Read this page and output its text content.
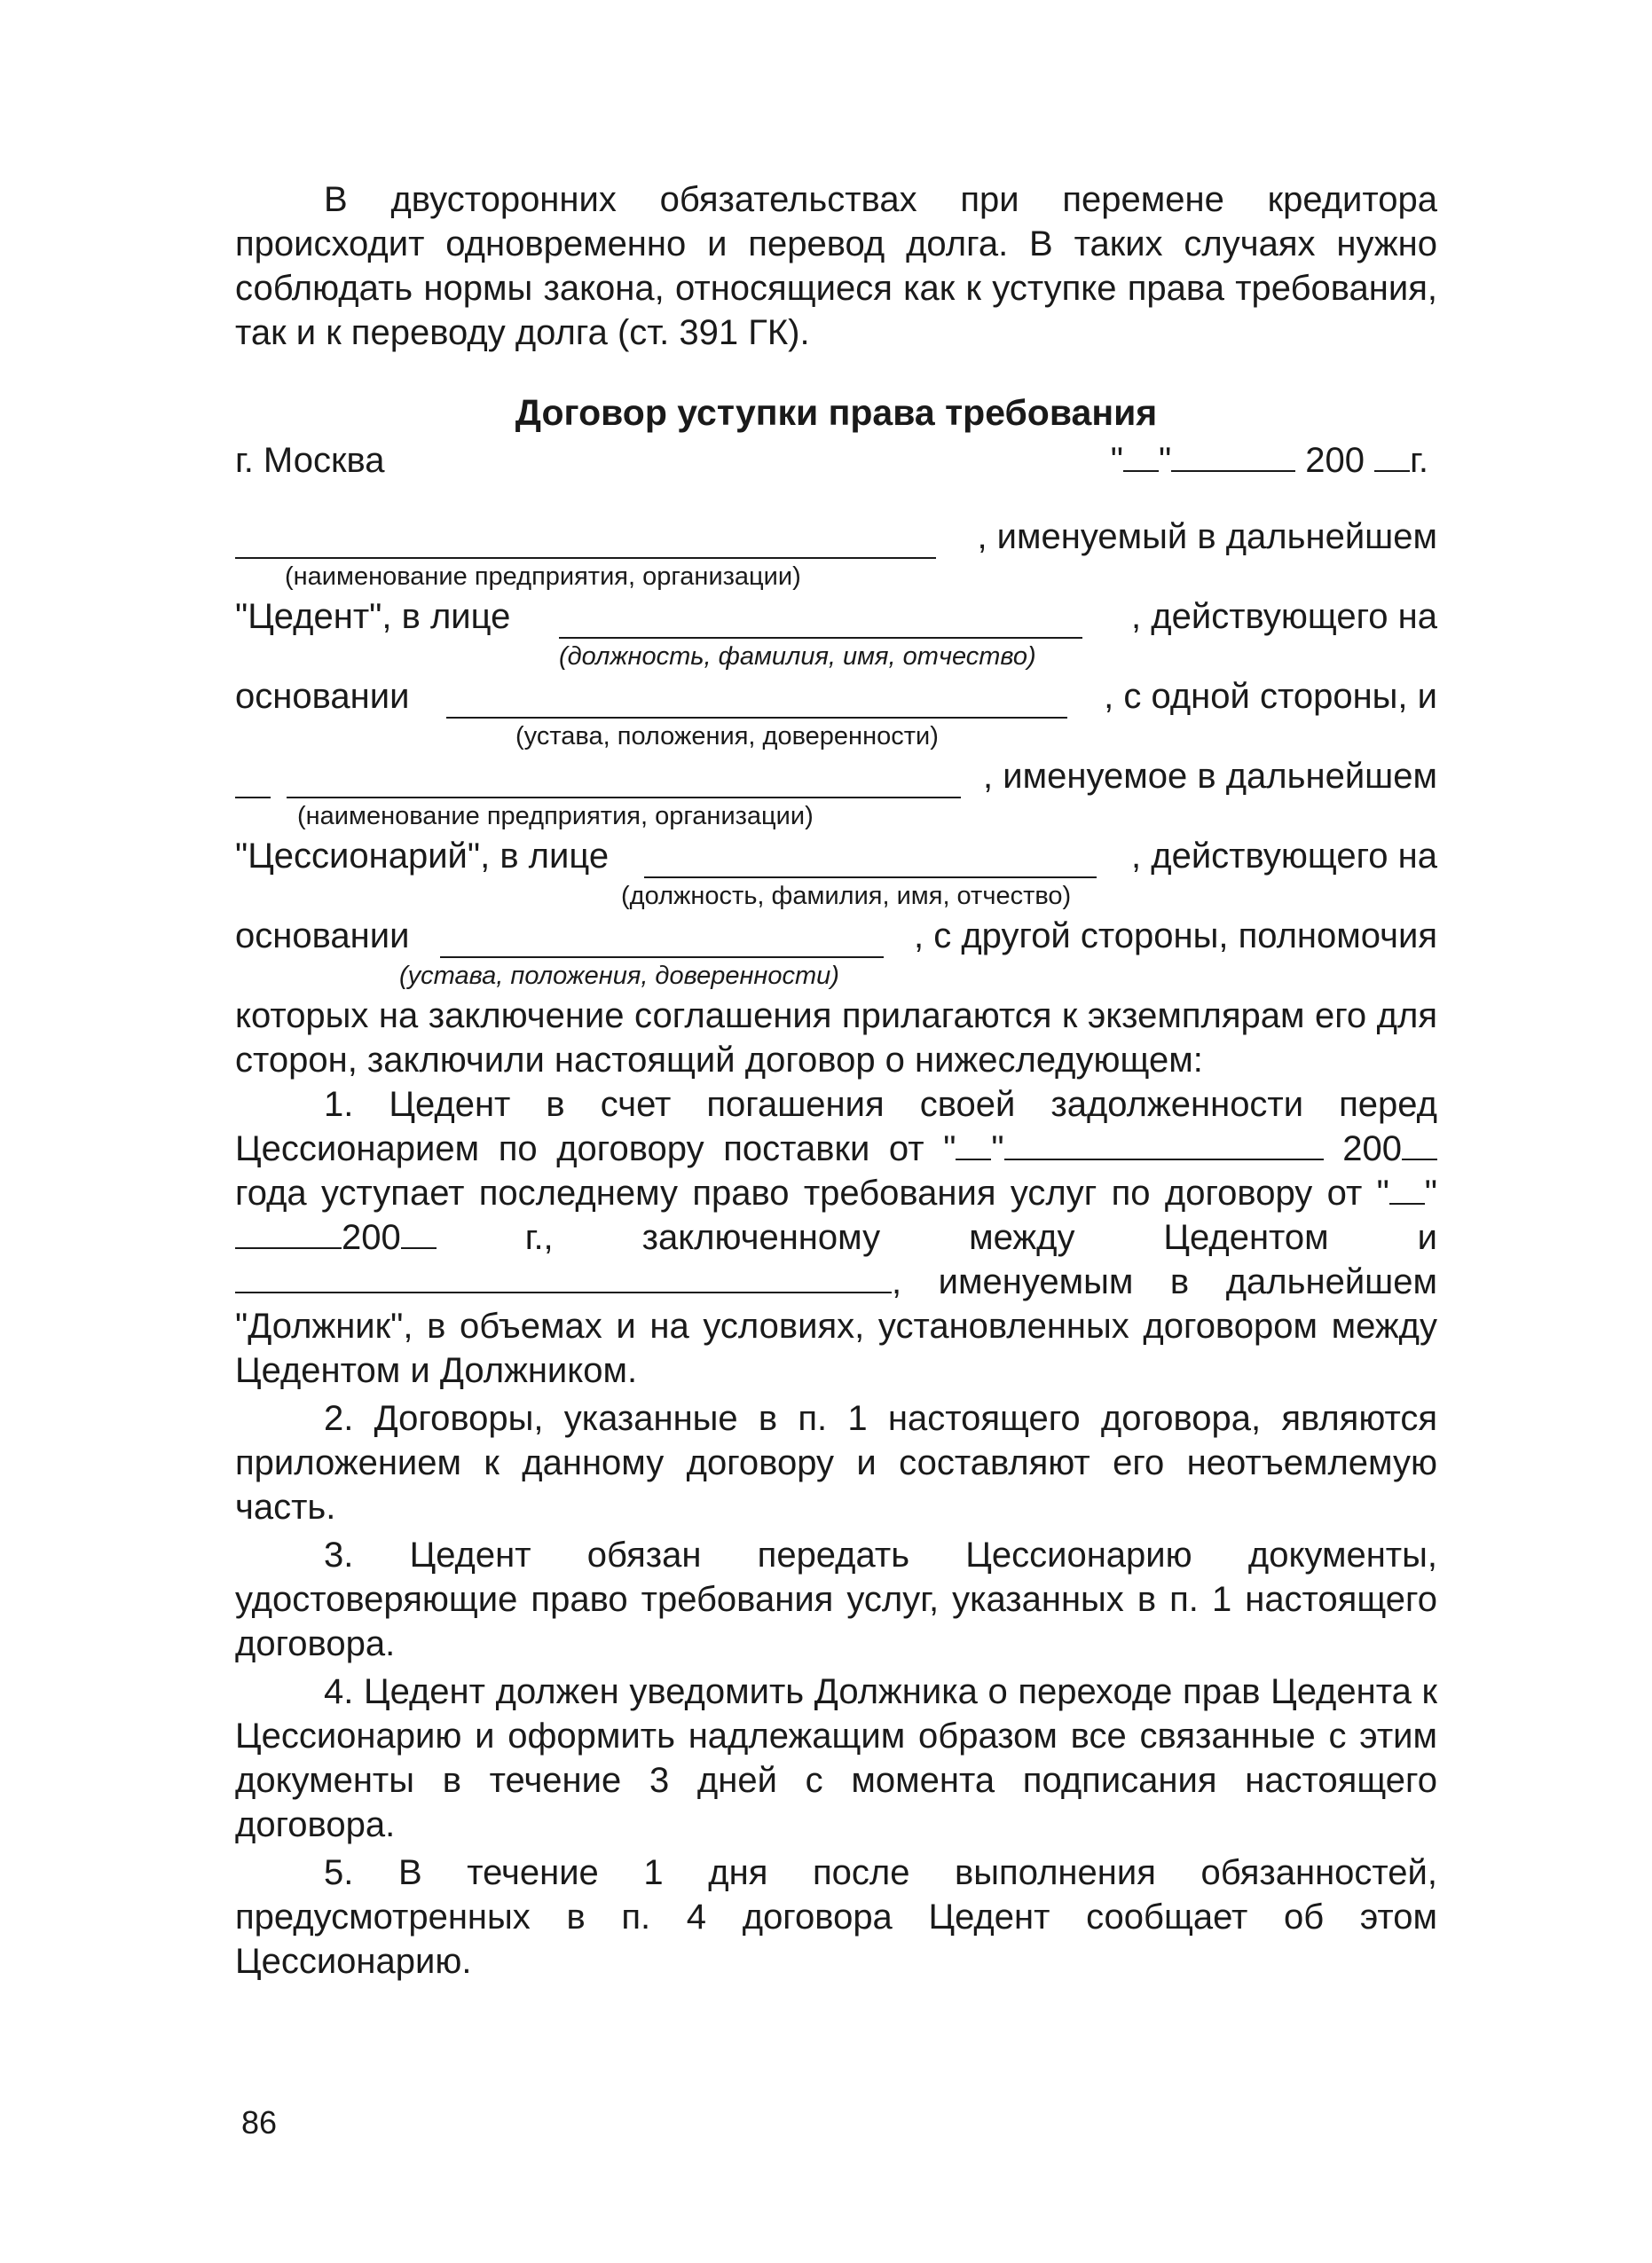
В двусторонних обязательствах при перемене кредитора происходит одновременно и перевод долга. В таких случаях нужно соблюдать нормы закона, относящиеся как к уступке права требования, так и к переводу долга (ст. 391 ГК).

Договор уступки права требования
г. Москва	" "	200 г.
, именуемый в дальнейшем
(наименование предприятия, организации)
"Цедент", в лице	, действующего на
(должность, фамилия, имя, отчество)
основании	, с одной стороны, и
(устава, положения, доверенности)
, именуемое в дальнейшем
(наименование предприятия, организации)
"Цессионарий", в лице	, действующего на
(должность, фамилия, имя, отчество)
основании	, с другой стороны, полномочия
(устава, положения, доверенности)

которых на заключение соглашения прилагаются к экземплярам его для сторон, заключили настоящий договор о нижеследующем:

1. Цедент в счет погашения своей задолженности перед Цессионарием по договору поставки от " "	200 года уступает последнему право требования услуг по договору от " "200	г., заключенному между Цедентом и , именуемым в дальнейшем "Должник", в объемах и на условиях, установленных договором между Цедентом и Должником.

2. Договоры, указанные в п. 1 настоящего договора, являются приложением к данному договору и составляют его неотъемлемую часть.

3. Цедент обязан передать Цессионарию документы, удостоверяющие право требования услуг, указанных в п. 1 настоящего договора.

4. Цедент должен уведомить Должника о переходе прав Цедента к Цессионарию и оформить надлежащим образом все связанные с этим документы в течение 3 дней с момента подписания настоящего договора.

5. В течение 1 дня после выполнения обязанностей, предусмотренных в п. 4 договора Цедент сообщает об этом Цессионарию.

86
